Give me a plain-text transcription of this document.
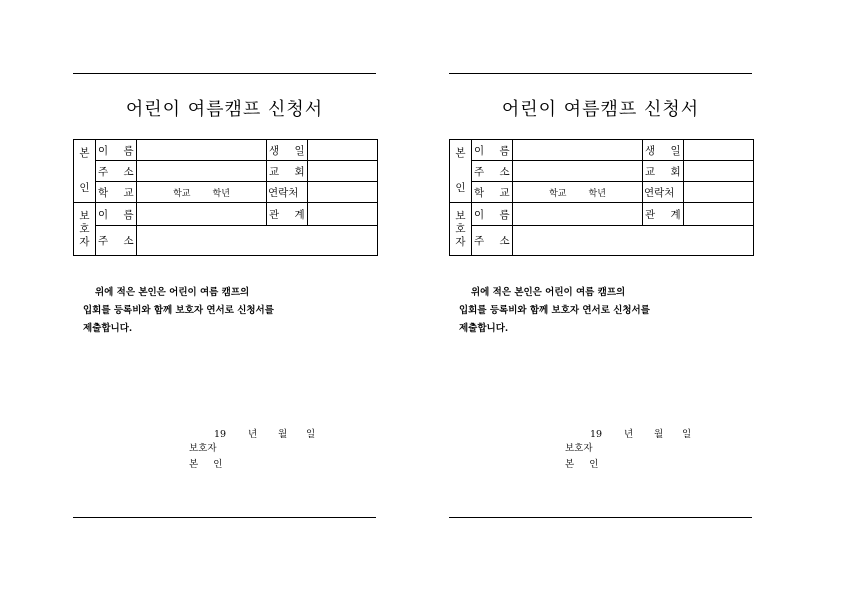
어린이 여름캠프 신청서
본
인	이 름		생 일	
	주 소		교 회	
	학 교	학교 학년	연락처	

보
호
자	이 름		관 계	
	주 소			
위에 적은 본인은 어린이 여름 캠프의
입회를 등록비와 함께 보호자 연서로 신청서를
제출합니다.
19 년 월 일
보호자
본 인
어린이 여름캠프 신청서
본
인	이 름		생 일	
	주 소		교 회	
	학 교	학교 학년	연락처	

보
호
자	이 름		관 계	
	주 소			
위에 적은 본인은 어린이 여름 캠프의
입회를 등록비와 함께 보호자 연서로 신청서를
제출합니다.
19 년 월 일
보호자
본 인
